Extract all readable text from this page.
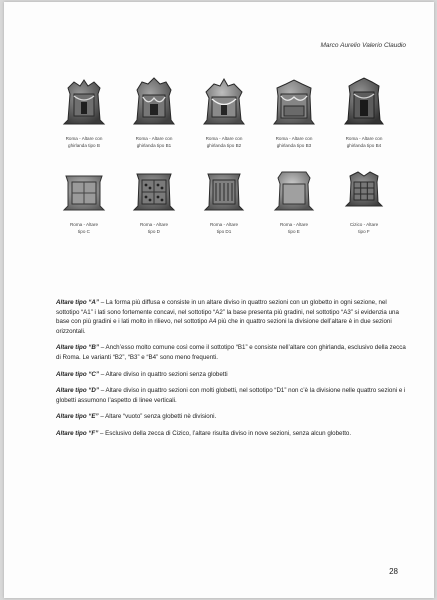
Marco Aurelio Valerio Claudio
Roma - Altare con
ghirlanda tipo B
Roma - Altare con
ghirlanda tipo B1
Roma - Altare con
ghirlanda tipo B2
Roma - Altare con
ghirlanda tipo B3
Roma - Altare con
ghirlanda tipo B4
Roma - Altare
tipo C
Roma - Altare
tipo D
Roma - Altare
tipo D1
Roma - Altare
tipo E
Cizico - Altare
tipo F

Altare tipo “A” – La forma più diffusa e consiste in un altare diviso in quattro sezioni con un globetto in ogni sezione, nel sottotipo “A1” i lati sono fortemente concavi, nel sottotipo “A2” la base presenta più gradini, nel sottotipo “A3” si evidenzia una base con più gradini e i lati molto in rilievo, nel sottotipo A4 più che in quattro sezioni la divisione dell’altare è in due sezioni orizzontali.

Altare tipo “B” – Anch’esso molto comune così come il sottotipo “B1” e consiste nell’altare con ghirlanda, esclusivo della zecca di Roma. Le varianti “B2”, “B3” e “B4” sono meno frequenti.

Altare tipo “C” – Altare diviso in quattro sezioni senza globetti

Altare tipo “D” – Altare diviso in quattro sezioni con molti globetti, nel sottotipo “D1” non c’è la divisione nelle quattro sezioni e i globetti assumono l’aspetto di linee verticali.

Altare tipo “E” – Altare “vuoto” senza globetti nè divisioni.

Altare tipo “F” – Esclusivo della zecca di Cizico, l’altare risulta diviso in nove sezioni, senza alcun globetto.

28
